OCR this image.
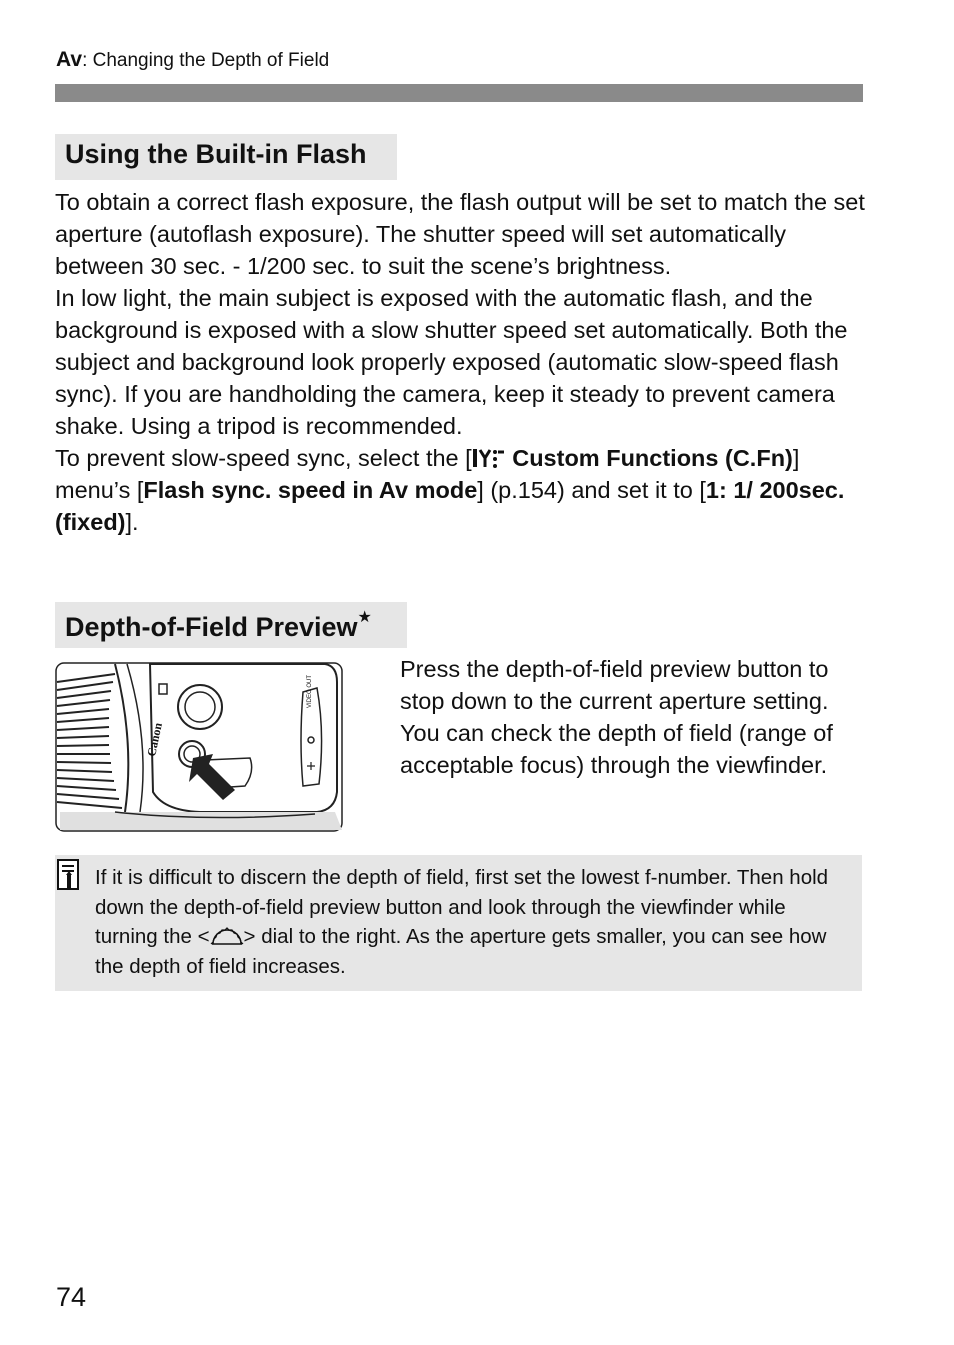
Av: Changing the Depth of Field
Using the Built-in Flash

To obtain a correct flash exposure, the flash output will be set to match the set aperture (autoflash exposure). The shutter speed will set automatically between 30 sec. - 1/200 sec. to suit the scene’s brightness.

In low light, the main subject is exposed with the automatic flash, and the background is exposed with a slow shutter speed set automatically. Both the subject and background look properly exposed (automatic slow-speed flash sync). If you are handholding the camera, keep it steady to prevent camera shake. Using a tripod is recommended.

To prevent slow-speed sync, select the [ Custom Functions (C.Fn)] menu’s [Flash sync. speed in Av mode] (p.154) and set it to [1: 1/ 200sec. (fixed)].

Depth-of-Field Preview★
Canon
VIDEO OUT
Press the depth-of-field preview button to stop down to the current aperture setting. You can check the depth of field (range of acceptable focus) through the viewfinder.
If it is difficult to discern the depth of field, first set the lowest f-number. Then hold down the depth-of-field preview button and look through the viewfinder while turning the < > dial to the right. As the aperture gets smaller, you can see how the depth of field increases.
74
